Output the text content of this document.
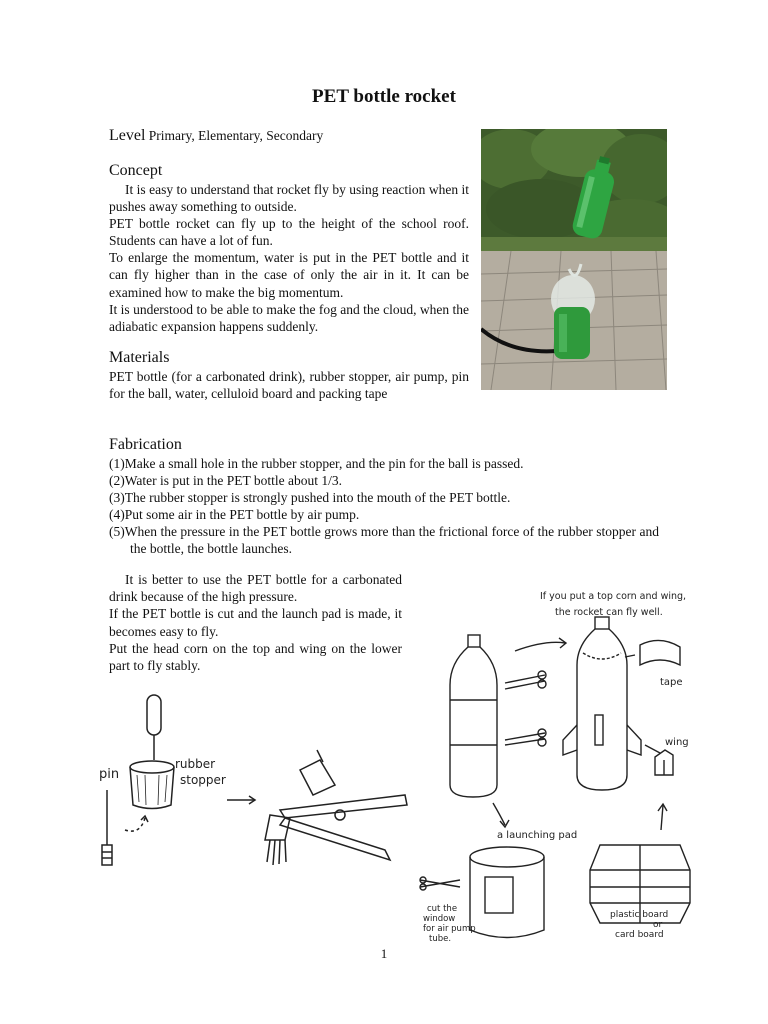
PET bottle rocket
Level Primary, Elementary, Secondary
Concept

It is easy to understand that rocket fly by using reaction when it pushes away something to outside.

PET bottle rocket can fly up to the height of the school roof. Students can have a lot of fun.

To enlarge the momentum, water is put in the PET bottle and it can fly higher than in the case of only the air in it. It can be examined how to make the big momentum.

It is understood to be able to make the fog and the cloud, when the adiabatic expansion happens suddenly.

Materials

PET bottle (for a carbonated drink), rubber stopper, air pump, pin for the ball, water, celluloid board and packing tape

Fabrication

(1)Make a small hole in the rubber stopper, and the pin for the ball is passed.

(2)Water is put in the PET bottle about 1/3.

(3)The rubber stopper is strongly pushed into the mouth of the PET bottle.

(4)Put some air in the PET bottle by air pump.

(5)When the pressure in the PET bottle grows more than the frictional force of the rubber stopper and the bottle, the bottle launches.

It is better to use the PET bottle for a carbonated drink because of the high pressure.

If the PET bottle is cut and the launch pad is made, it becomes easy to fly.

Put the head corn on the top and wing on the lower part to fly stably.

rubber
stopper
pin
If you put a top corn and wing,
the rocket can fly well.
tape
wing
a launching pad
cut the
window
for air pump
tube.
plastic board
or
card board
1
